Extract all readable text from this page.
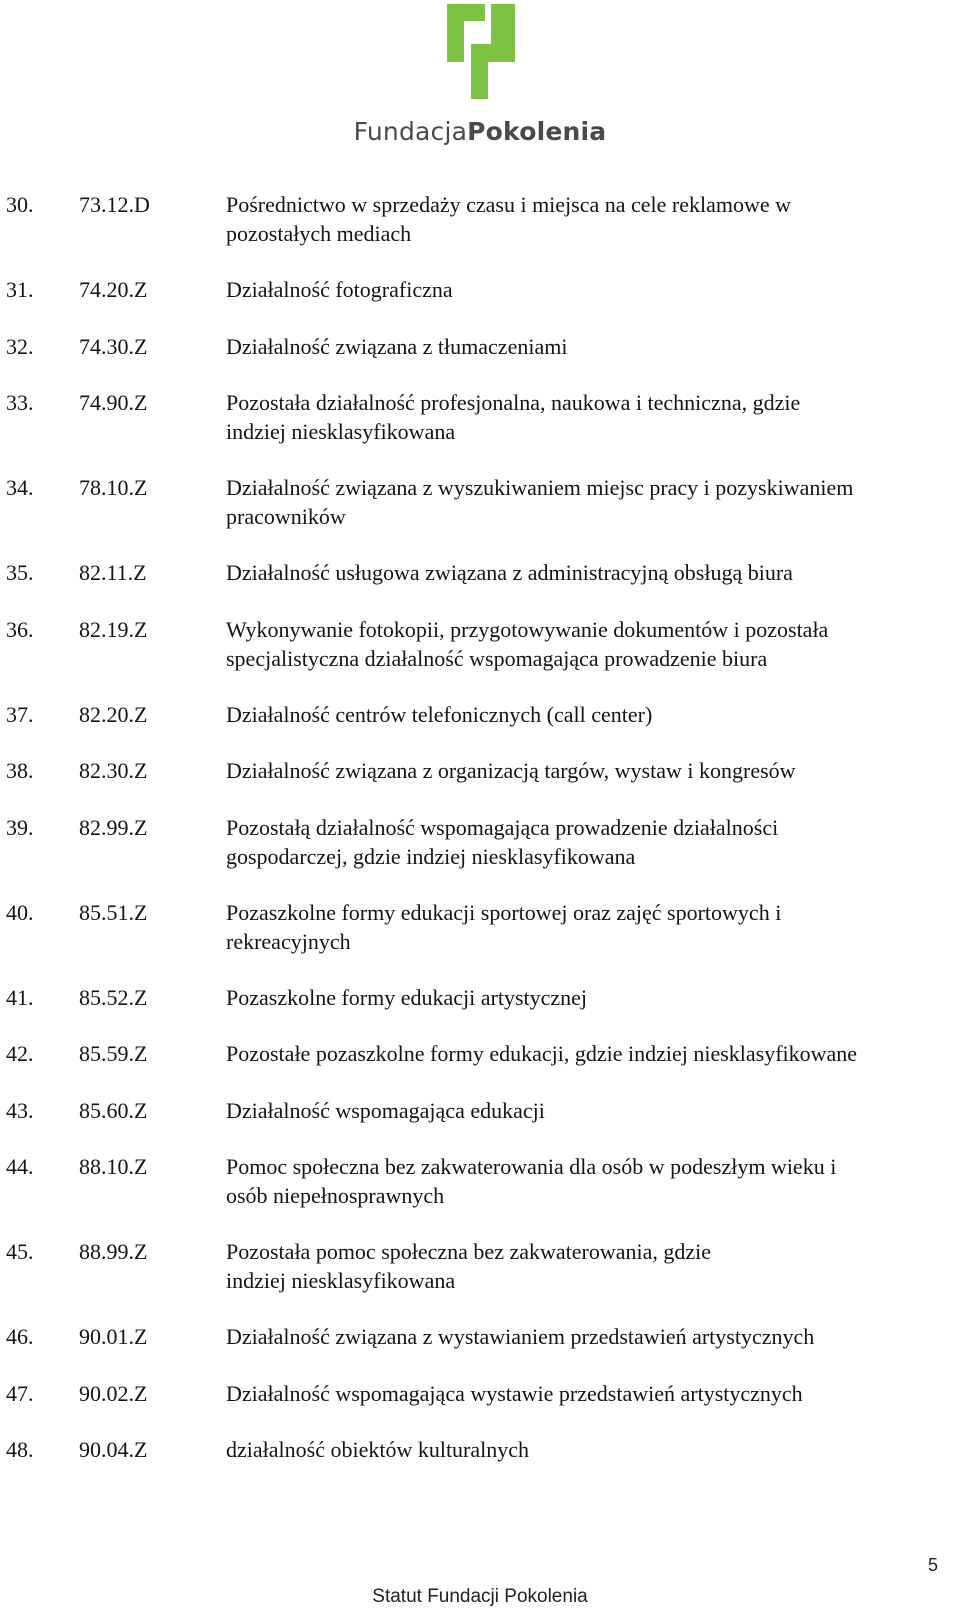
FundacjaPokolenia
30. 73.12.D	Pośrednictwo w sprzedaży czasu i miejsca na cele reklamowe w
pozostałych mediach
31. 74.20.Z	Działalność fotograficzna
32. 74.30.Z	Działalność związana z tłumaczeniami
33. 74.90.Z	Pozostała działalność profesjonalna, naukowa i techniczna, gdzie
indziej niesklasyfikowana
34. 78.10.Z	Działalność związana z wyszukiwaniem miejsc pracy i pozyskiwaniem
pracowników
35. 82.11.Z	Działalność usługowa związana z administracyjną obsługą biura
36. 82.19.Z	Wykonywanie fotokopii, przygotowywanie dokumentów i pozostała
specjalistyczna działalność wspomagająca prowadzenie biura
37. 82.20.Z	Działalność centrów telefonicznych (call center)
38. 82.30.Z	Działalność związana z organizacją targów, wystaw i kongresów
39. 82.99.Z	Pozostałą działalność wspomagająca prowadzenie działalności
gospodarczej, gdzie indziej niesklasyfikowana
40. 85.51.Z	Pozaszkolne formy edukacji sportowej oraz zajęć sportowych i
rekreacyjnych
41. 85.52.Z	Pozaszkolne formy edukacji artystycznej
42. 85.59.Z	Pozostałe pozaszkolne formy edukacji, gdzie indziej niesklasyfikowane
43. 85.60.Z	Działalność wspomagająca edukacji
44. 88.10.Z	Pomoc społeczna bez zakwaterowania dla osób w podeszłym wieku i
osób niepełnosprawnych
45. 88.99.Z	Pozostała pomoc społeczna bez zakwaterowania, gdzie
indziej niesklasyfikowana
46. 90.01.Z	Działalność związana z wystawianiem przedstawień artystycznych
47. 90.02.Z	Działalność wspomagająca wystawie przedstawień artystycznych
48. 90.04.Z	działalność obiektów kulturalnych
5
Statut Fundacji Pokolenia
